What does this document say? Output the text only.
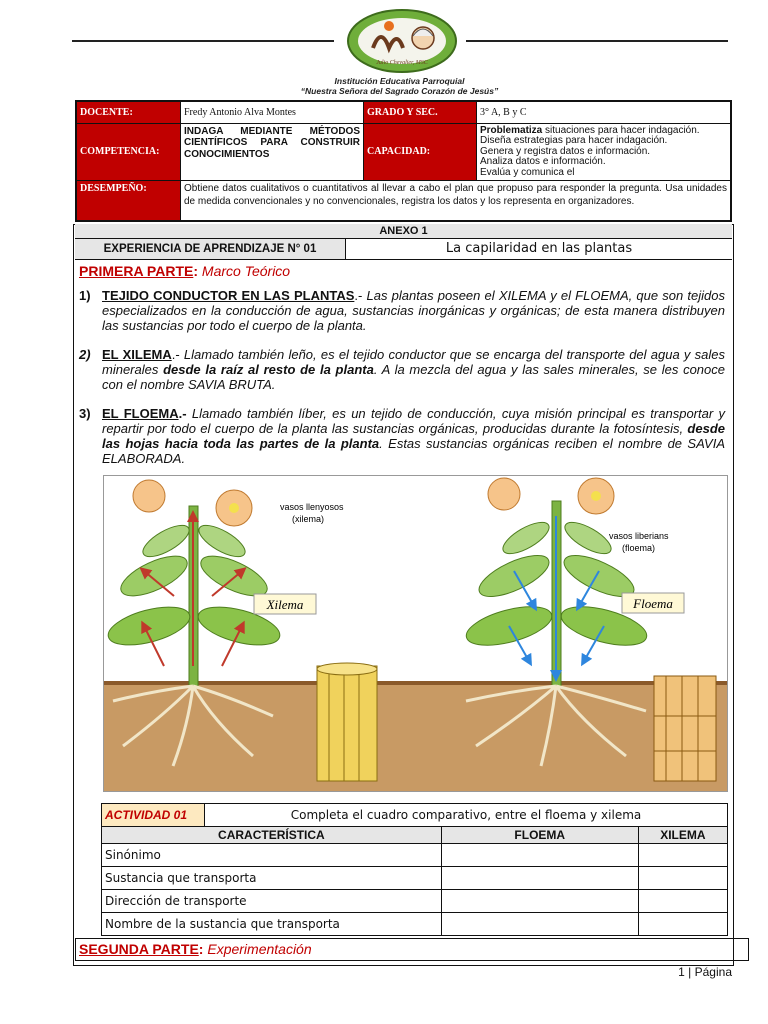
Julio Chevalier, MSC
Institución Educativa Parroquial
“Nuestra Señora del Sagrado Corazón de Jesús”
DOCENTE:	Fredy Antonio Alva Montes	GRADO Y SEC.	3° A, B y C
COMPETENCIA:	INDAGA MEDIANTE MÉTODOS CIENTÍFICOS PARA CONSTRUIR CONOCIMIENTOS	CAPACIDAD:	Problematiza situaciones para hacer indagación.
Diseña estrategias para hacer indagación.
Genera y registra datos e información.
Analiza datos e información.
Evalúa y comunica el

DESEMPEÑO:	Obtiene datos cualitativos o cuantitativos al llevar a cabo el plan que propuso para responder la pregunta. Usa unidades de medida convencionales y no convencionales, registra los datos y los representa en organizadores.		
ANEXO 1
EXPERIENCIA DE APRENDIZAJE N° 01	La capilaridad en las plantas
PRIMERA PARTE: Marco Teórico
1) TEJIDO CONDUCTOR EN LAS PLANTAS.- Las plantas poseen el XILEMA y el FLOEMA, que son tejidos especializados en la conducción de agua, sustancias inorgánicas y orgánicas; de esta manera distribuyen las sustancias por todo el cuerpo de la planta.
2) EL XILEMA.- Llamado también leño, es el tejido conductor que se encarga del transporte del agua y sales minerales desde la raíz al resto de la planta. A la mezcla del agua y las sales minerales, se les conoce con el nombre SAVIA BRUTA.
3) EL FLOEMA.- Llamado también líber, es un tejido de conducción, cuya misión principal es transportar y repartir por todo el cuerpo de la planta las sustancias orgánicas, producidas durante la fotosíntesis, desde las hojas hacia toda las partes de la planta. Estas sustancias orgánicas reciben el nombre de SAVIA ELABORADA.
vasos llenyosos
(xilema)
Xilema
vasos liberians
(floema)
Floema
ACTIVIDAD 01	Completa el cuadro comparativo, entre el floema y xilema		
CARACTERÍSTICA		FLOEMA	XILEMA
Sinónimo			
Sustancia que transporta			
Dirección de transporte			
Nombre de la sustancia que transporta			
SEGUNDA PARTE: Experimentación
1 | Página
